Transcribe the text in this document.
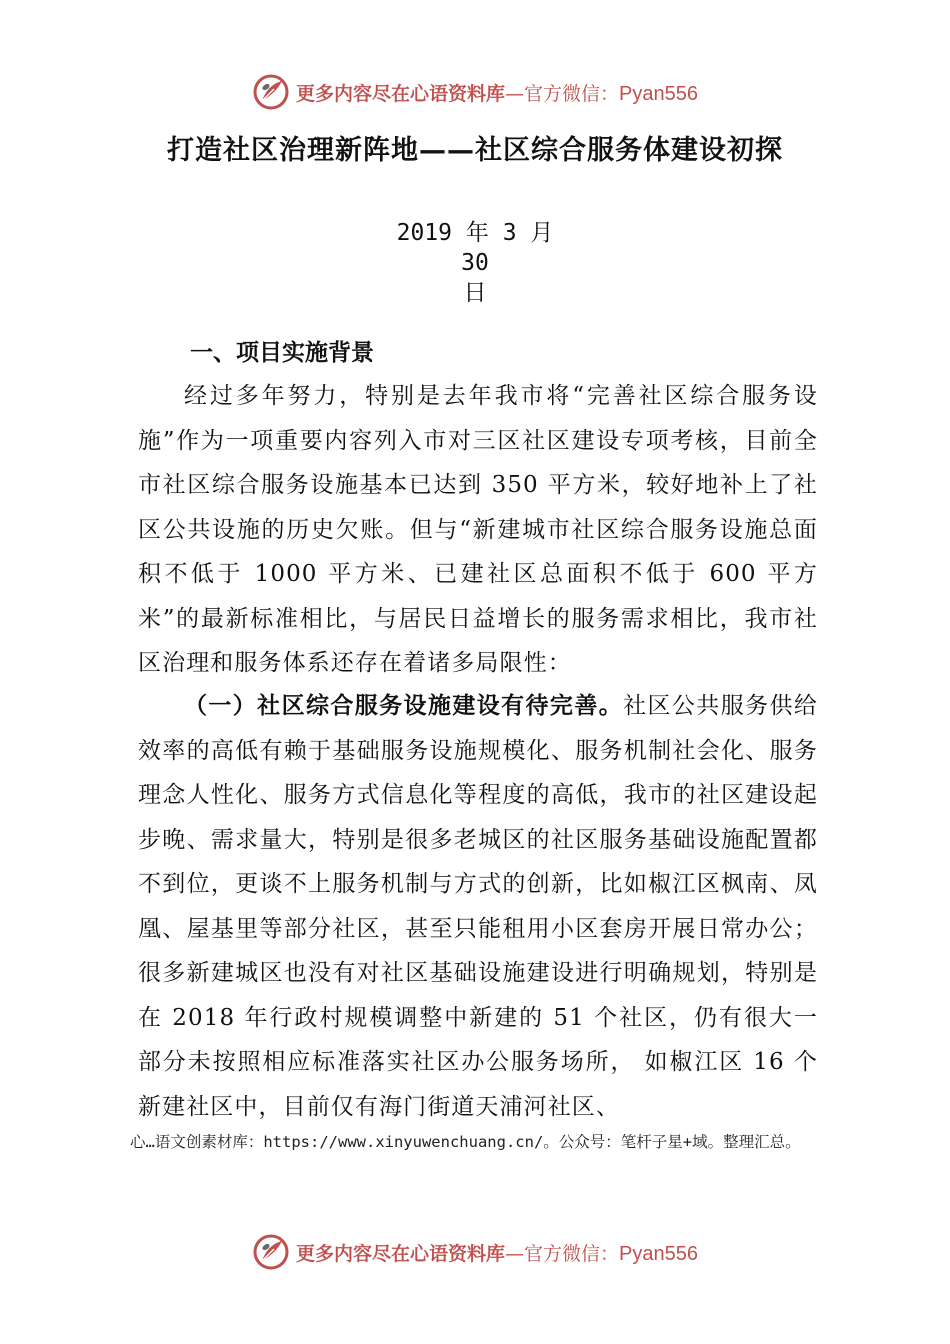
更多内容尽在心语资料库—官方微信：Pyan556
打造社区治理新阵地——社区综合服务体建设初探
2019 年 3 月 30
日
一、项目实施背景

经过多年努力，特别是去年我市将“完善社区综合服务设施”作为一项重要内容列入市对三区社区建设专项考核，目前全市社区综合服务设施基本已达到 350 平方米，较好地补上了社区公共设施的历史欠账。但与“新建城市社区综合服务设施总面积不低于 1000 平方米、已建社区总面积不低于 600 平方米”的最新标准相比，与居民日益增长的服务需求相比，我市社区治理和服务体系还存在着诸多局限性：

（一）社区综合服务设施建设有待完善。社区公共服务供给效率的高低有赖于基础服务设施规模化、服务机制社会化、服务理念人性化、服务方式信息化等程度的高低，我市的社区建设起步晚、需求量大，特别是很多老城区的社区服务基础设施配置都不到位，更谈不上服务机制与方式的创新，比如椒江区枫南、凤凰、屋基里等部分社区，甚至只能租用小区套房开展日常办公；很多新建城区也没有对社区基础设施建设进行明确规划，特别是在 2018 年行政村规模调整中新建的 51 个社区，仍有很大一部分未按照相应标准落实社区办公服务场所， 如椒江区 16 个新建社区中，目前仅有海门街道天浦河社区、

心…语文创素材库：https://www.xinyuwenchuang.cn/。公众号：笔杆子星+域。整理汇总。
更多内容尽在心语资料库—官方微信：Pyan556
